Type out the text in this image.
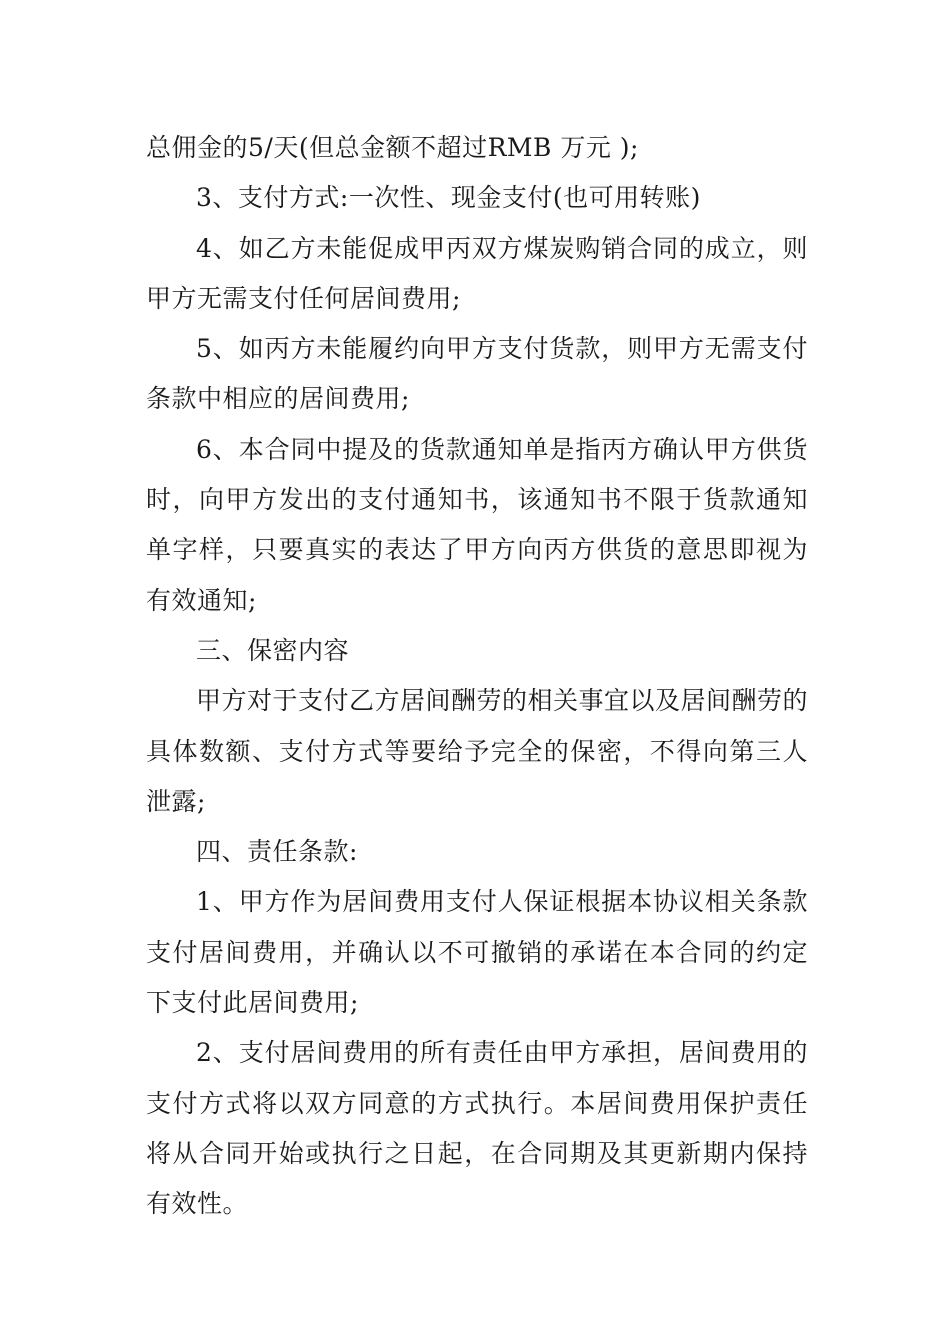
总佣金的5/天(但总金额不超过RMB 万元 );

3、支付方式:一次性、现金支付(也可用转账)

4、如乙方未能促成甲丙双方煤炭购销合同的成立，则甲方无需支付任何居间费用;

5、如丙方未能履约向甲方支付货款，则甲方无需支付条款中相应的居间费用;

6、本合同中提及的货款通知单是指丙方确认甲方供货时，向甲方发出的支付通知书，该通知书不限于货款通知单字样，只要真实的表达了甲方向丙方供货的意思即视为有效通知;

三、保密内容

甲方对于支付乙方居间酬劳的相关事宜以及居间酬劳的具体数额、支付方式等要给予完全的保密，不得向第三人泄露;

四、责任条款:

1、甲方作为居间费用支付人保证根据本协议相关条款支付居间费用，并确认以不可撤销的承诺在本合同的约定下支付此居间费用;

2、支付居间费用的所有责任由甲方承担，居间费用的支付方式将以双方同意的方式执行。本居间费用保护责任将从合同开始或执行之日起，在合同期及其更新期内保持有效性。
